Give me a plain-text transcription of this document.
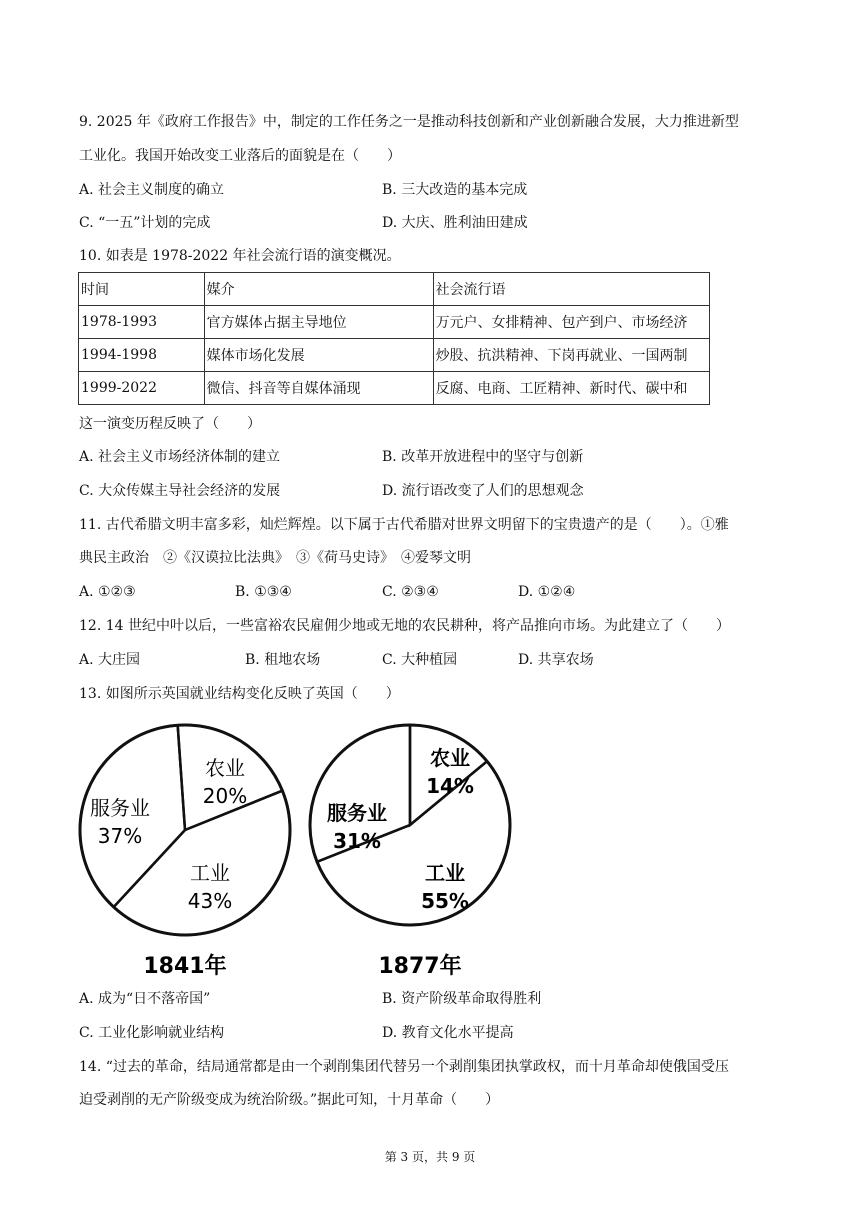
9. 2025 年《政府工作报告》中，制定的工作任务之一是推动科技创新和产业创新融合发展，大力推进新型
工业化。我国开始改变工业落后的面貌是在（　　）
A. 社会主义制度的确立	B. 三大改造的基本完成
C. “一五”计划的完成	D. 大庆、胜利油田建成
10. 如表是 1978-2022 年社会流行语的演变概况。
时间	媒介	社会流行语
1978-1993	官方媒体占据主导地位	万元户、女排精神、包产到户、市场经济
1994-1998	媒体市场化发展	炒股、抗洪精神、下岗再就业、一国两制
1999-2022	微信、抖音等自媒体涌现	反腐、电商、工匠精神、新时代、碳中和
这一演变历程反映了（　　）
A. 社会主义市场经济体制的建立	B. 改革开放进程中的坚守与创新
C. 大众传媒主导社会经济的发展	D. 流行语改变了人们的思想观念
11. 古代希腊文明丰富多彩，灿烂辉煌。以下属于古代希腊对世界文明留下的宝贵遗产的是（　　）。①雅
典民主政治　②《汉谟拉比法典》　③《荷马史诗》　④爱琴文明
A. ①②③	B. ①③④	C. ②③④	D. ①②④
12. 14 世纪中叶以后，一些富裕农民雇佣少地或无地的农民耕种，将产品推向市场。为此建立了（　　）
A. 大庄园	B. 租地农场	C. 大种植园	D. 共享农场
13. 如图所示英国就业结构变化反映了英国（　　）
农业
20%
工业
43%
服务业
37%
1841年
农业
14%
工业
55%
服务业
31%
1877年
A. 成为“日不落帝国”	B. 资产阶级革命取得胜利
C. 工业化影响就业结构	D. 教育文化水平提高
14. “过去的革命，结局通常都是由一个剥削集团代替另一个剥削集团执掌政权，而十月革命却使俄国受压
迫受剥削的无产阶级变成为统治阶级。”据此可知，十月革命（　　）
第 3 页，共 9 页
